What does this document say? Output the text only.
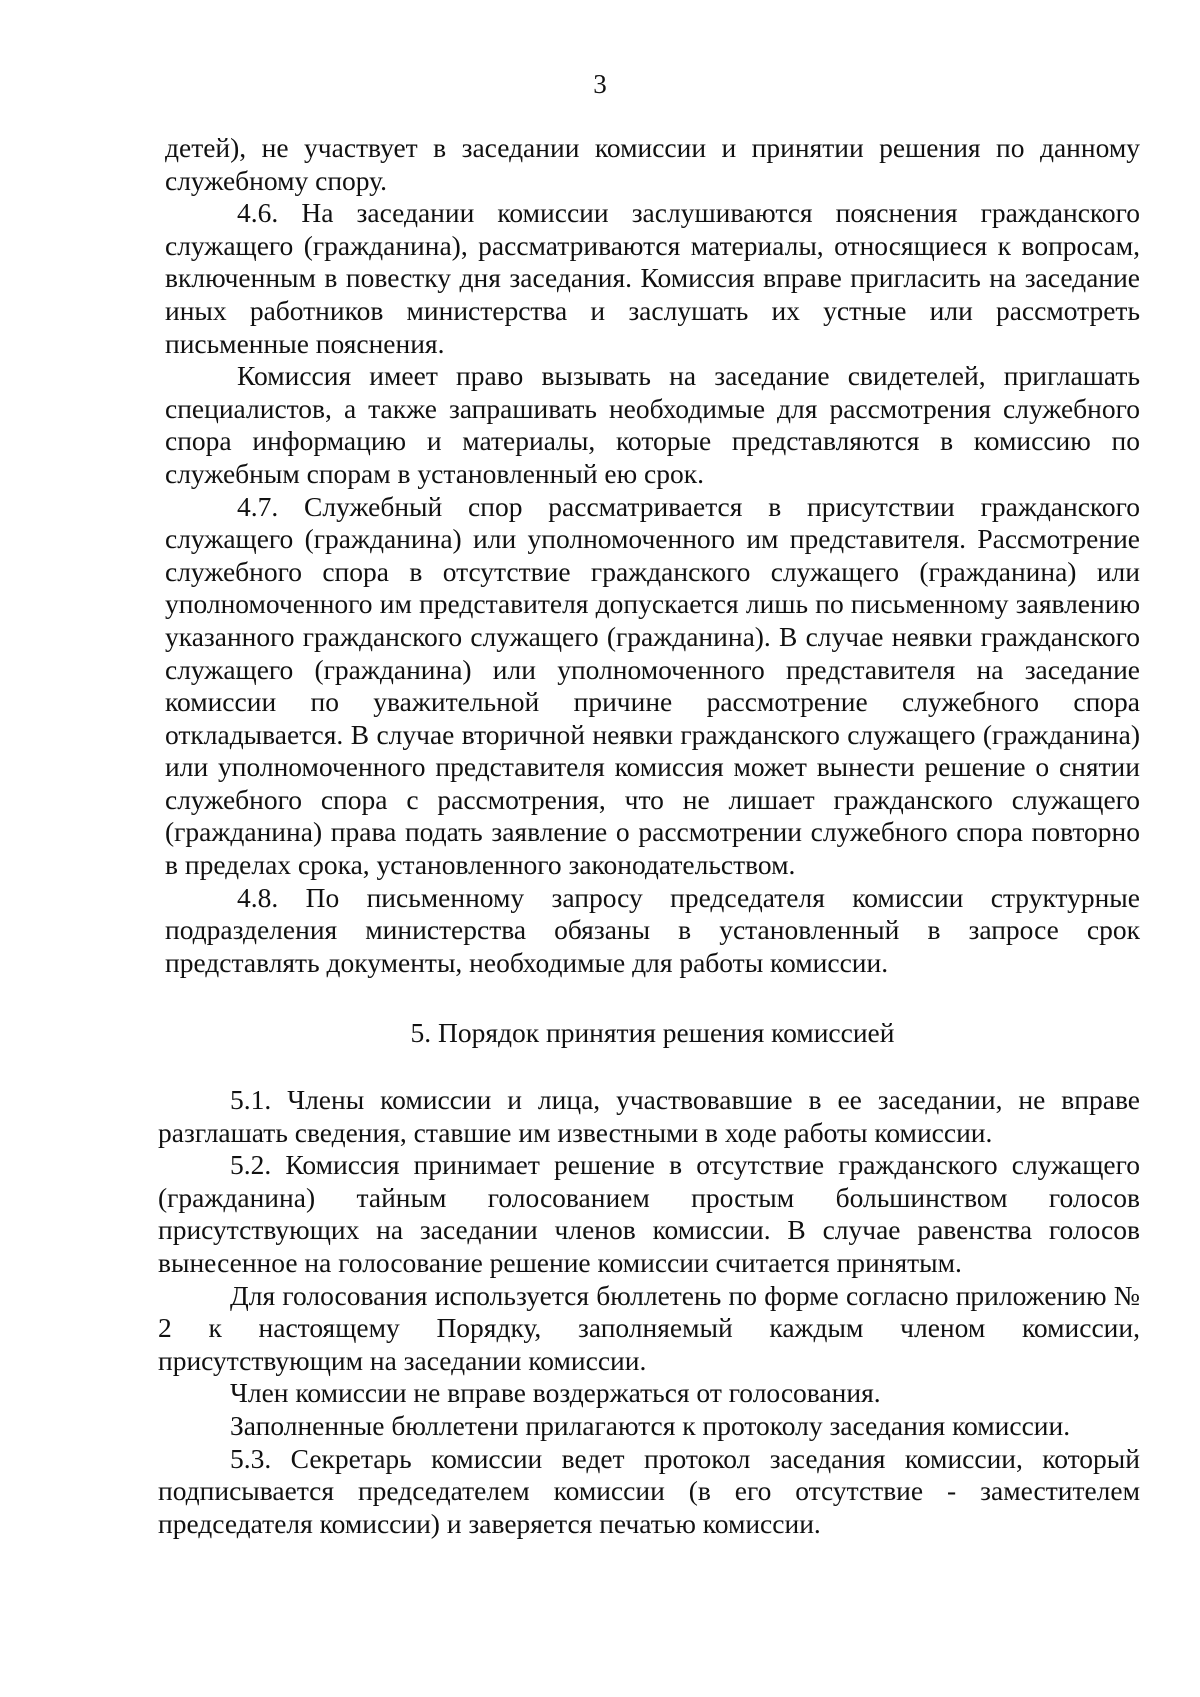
3

детей), не участвует в заседании комиссии и принятии решения по данному служебному спору.

4.6. На заседании комиссии заслушиваются пояснения гражданского служащего (гражданина), рассматриваются материалы, относящиеся к вопросам, включенным в повестку дня заседания. Комиссия вправе пригласить на заседание иных работников министерства и заслушать их устные или рассмотреть письменные пояснения.

Комиссия имеет право вызывать на заседание свидетелей, приглашать специалистов, а также запрашивать необходимые для рассмотрения служебного спора информацию и материалы, которые представляются в комиссию по служебным спорам в установленный ею срок.

4.7. Служебный спор рассматривается в присутствии гражданского служащего (гражданина) или уполномоченного им представителя. Рассмотрение служебного спора в отсутствие гражданского служащего (гражданина) или уполномоченного им представителя допускается лишь по письменному заявлению указанного гражданского служащего (гражданина). В случае неявки гражданского служащего (гражданина) или уполномоченного представителя на заседание комиссии по уважительной причине рассмотрение служебного спора откладывается. В случае вторичной неявки гражданского служащего (гражданина) или уполномоченного представителя комиссия может вынести решение о снятии служебного спора с рассмотрения, что не лишает гражданского служащего (гражданина) права подать заявление о рассмотрении служебного спора повторно в пределах срока, установленного законодательством.

4.8. По письменному запросу председателя комиссии структурные подразделения министерства обязаны в установленный в запросе срок представлять документы, необходимые для работы комиссии.

5. Порядок принятия решения комиссией

5.1. Члены комиссии и лица, участвовавшие в ее заседании, не вправе разглашать сведения, ставшие им известными в ходе работы комиссии.

5.2. Комиссия принимает решение в отсутствие гражданского служащего (гражданина) тайным голосованием простым большинством голосов присутствующих на заседании членов комиссии. В случае равенства голосов вынесенное на голосование решение комиссии считается принятым.

Для голосования используется бюллетень по форме согласно приложению № 2 к настоящему Порядку, заполняемый каждым членом комиссии, присутствующим на заседании комиссии.

Член комиссии не вправе воздержаться от голосования.

Заполненные бюллетени прилагаются к протоколу заседания комиссии.

5.3. Секретарь комиссии ведет протокол заседания комиссии, который подписывается председателем комиссии (в его отсутствие - заместителем председателя комиссии) и заверяется печатью комиссии.
